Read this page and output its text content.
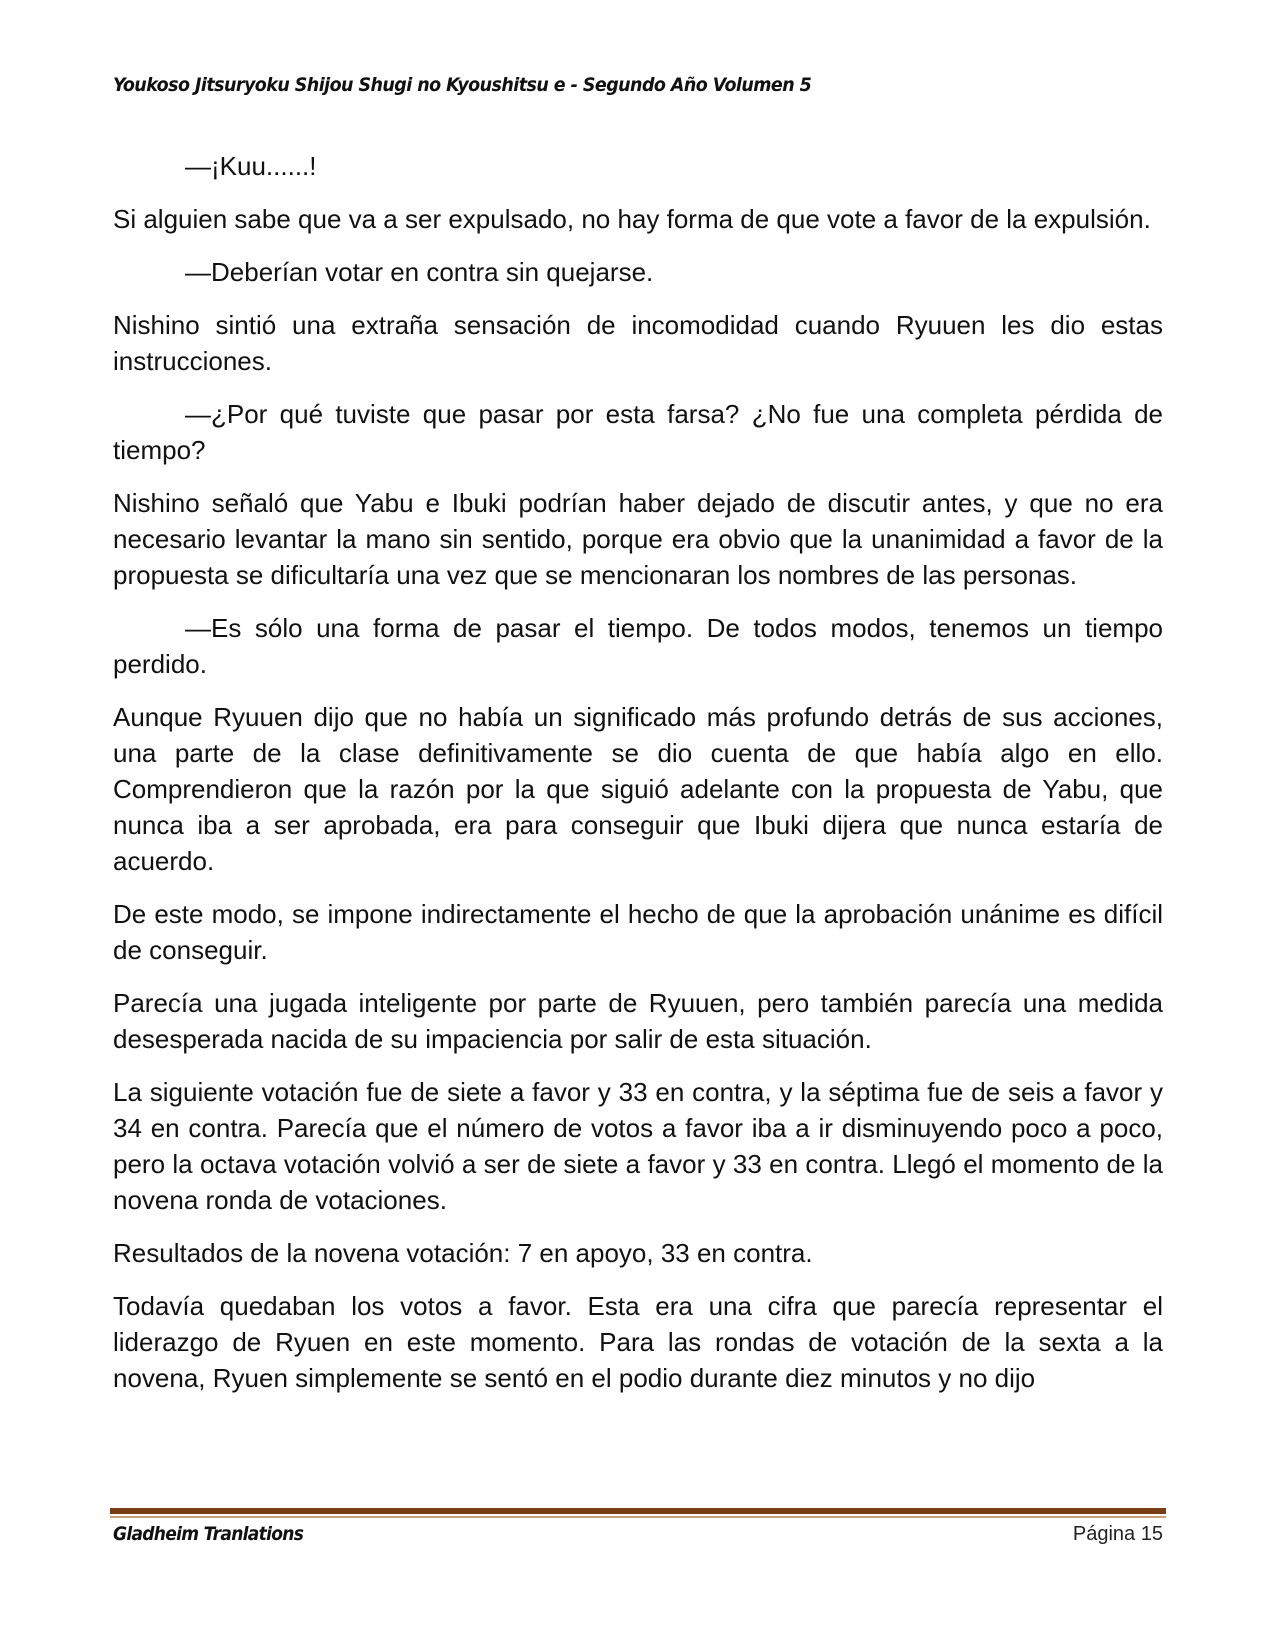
Youkoso Jitsuryoku Shijou Shugi no Kyoushitsu e - Segundo Año Volumen 5

—¡Kuu......!

Si alguien sabe que va a ser expulsado, no hay forma de que vote a favor de la expulsión.

—Deberían votar en contra sin quejarse.

Nishino sintió una extraña sensación de incomodidad cuando Ryuuen les dio estas instrucciones.

—¿Por qué tuviste que pasar por esta farsa? ¿No fue una completa pérdida de tiempo?

Nishino señaló que Yabu e Ibuki podrían haber dejado de discutir antes, y que no era necesario levantar la mano sin sentido, porque era obvio que la unanimidad a favor de la propuesta se dificultaría una vez que se mencionaran los nombres de las personas.

—Es sólo una forma de pasar el tiempo. De todos modos, tenemos un tiempo perdido.

Aunque Ryuuen dijo que no había un significado más profundo detrás de sus acciones, una parte de la clase definitivamente se dio cuenta de que había algo en ello. Comprendieron que la razón por la que siguió adelante con la propuesta de Yabu, que nunca iba a ser aprobada, era para conseguir que Ibuki dijera que nunca estaría de acuerdo.

De este modo, se impone indirectamente el hecho de que la aprobación unánime es difícil de conseguir.

Parecía una jugada inteligente por parte de Ryuuen, pero también parecía una medida desesperada nacida de su impaciencia por salir de esta situación.

La siguiente votación fue de siete a favor y 33 en contra, y la séptima fue de seis a favor y 34 en contra. Parecía que el número de votos a favor iba a ir disminuyendo poco a poco, pero la octava votación volvió a ser de siete a favor y 33 en contra. Llegó el momento de la novena ronda de votaciones.

Resultados de la novena votación: 7 en apoyo, 33 en contra.

Todavía quedaban los votos a favor. Esta era una cifra que parecía representar el liderazgo de Ryuen en este momento. Para las rondas de votación de la sexta a la novena, Ryuen simplemente se sentó en el podio durante diez minutos y no dijo

Gladheim Tranlations	Página 15
